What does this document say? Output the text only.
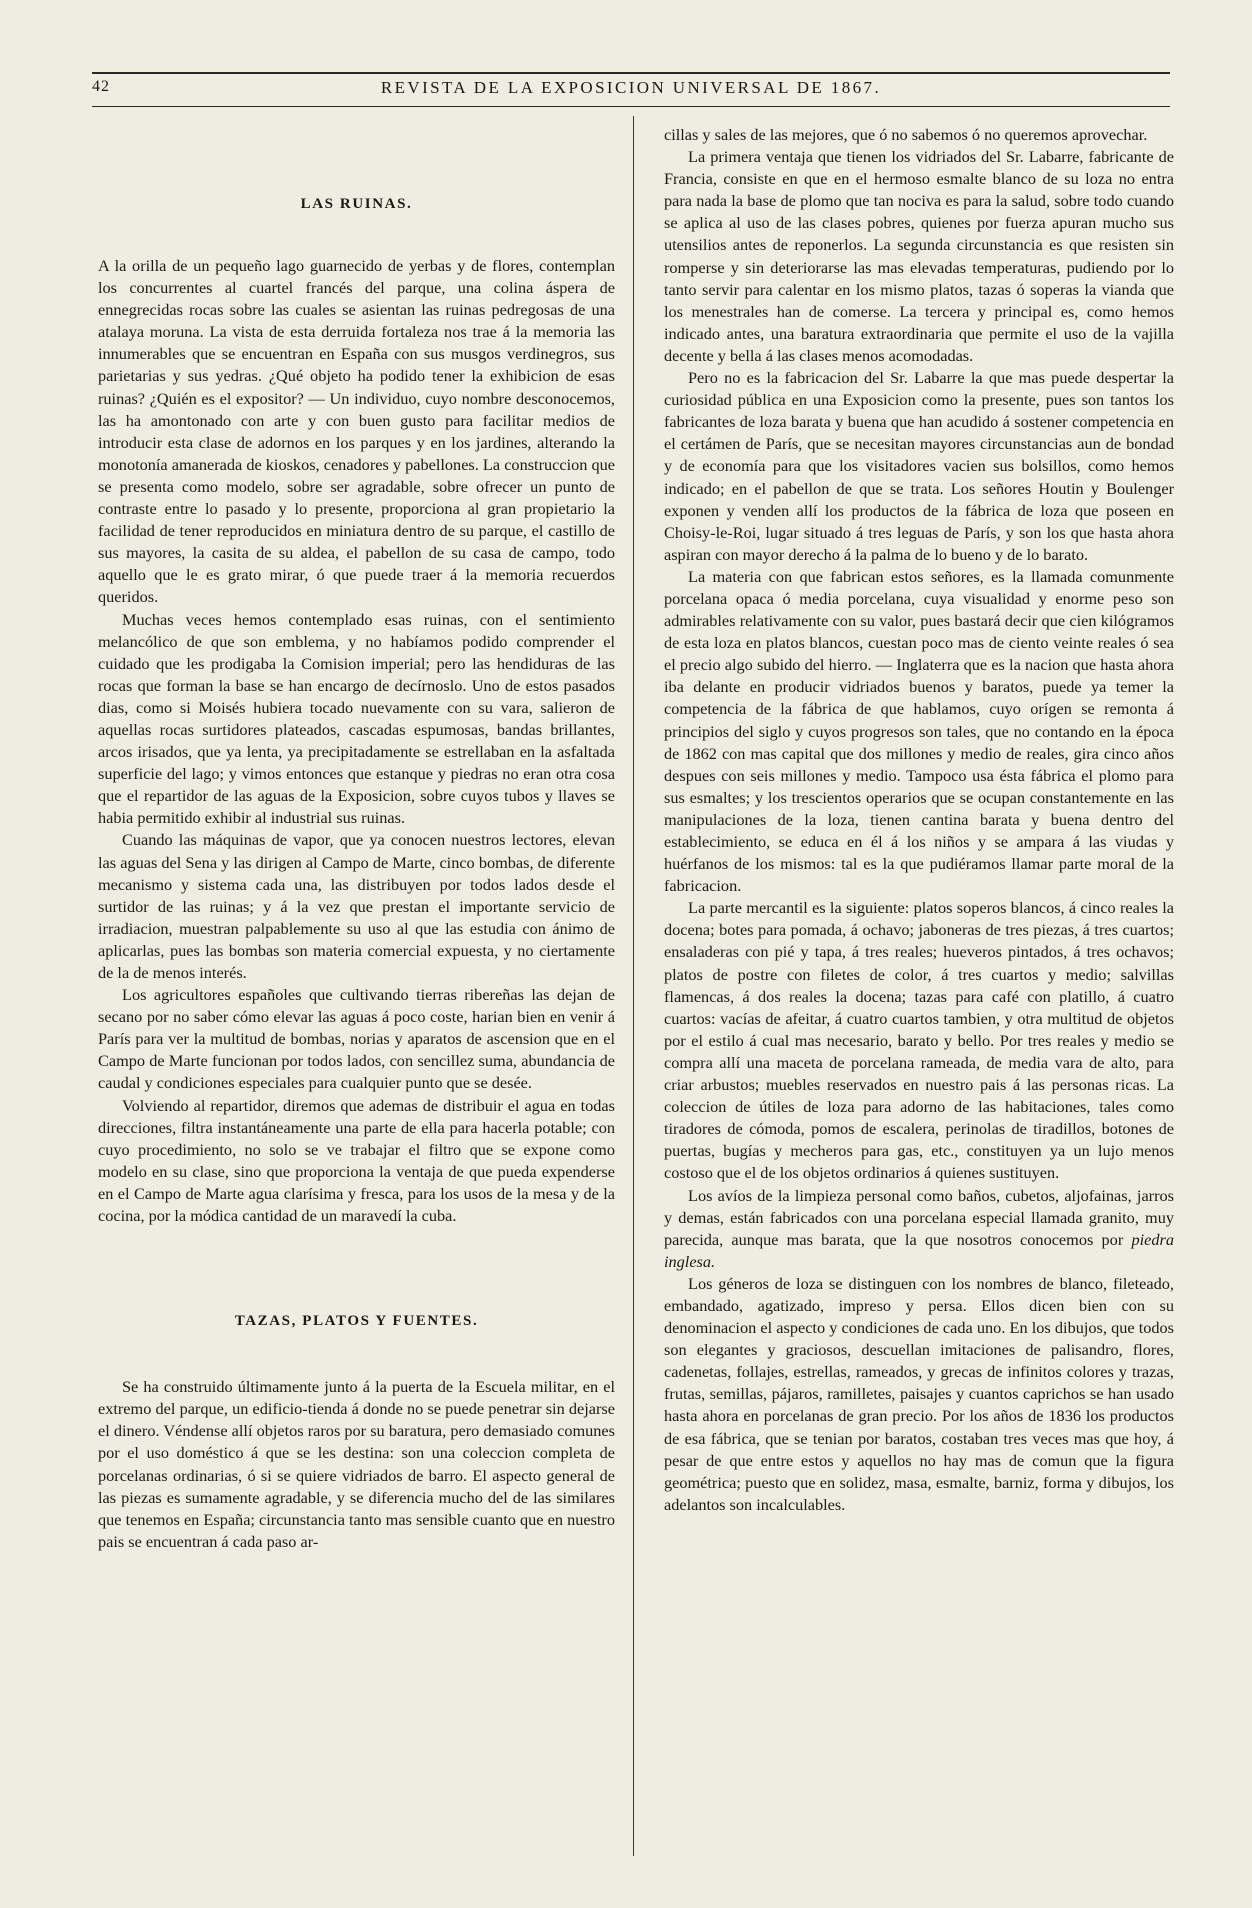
42	REVISTA DE LA EXPOSICION UNIVERSAL DE 1867.
LAS RUINAS.

A la orilla de un pequeño lago guarnecido de yerbas y de flores, contemplan los concurrentes al cuartel francés del parque, una colina áspera de ennegrecidas rocas sobre las cuales se asientan las ruinas pedregosas de una atalaya moruna. La vista de esta derruida fortaleza nos trae á la memoria las innumerables que se encuentran en España con sus musgos verdinegros, sus parietarias y sus yedras. ¿Qué objeto ha podido tener la exhibicion de esas ruinas? ¿Quién es el expositor? — Un individuo, cuyo nombre desconocemos, las ha amontonado con arte y con buen gusto para facilitar medios de introducir esta clase de adornos en los parques y en los jardines, alterando la monotonía amanerada de kioskos, cenadores y pabellones. La construccion que se presenta como modelo, sobre ser agradable, sobre ofrecer un punto de contraste entre lo pasado y lo presente, proporciona al gran propietario la facilidad de tener reproducidos en miniatura dentro de su parque, el castillo de sus mayores, la casita de su aldea, el pabellon de su casa de campo, todo aquello que le es grato mirar, ó que puede traer á la memoria recuerdos queridos.

Muchas veces hemos contemplado esas ruinas, con el sentimiento melancólico de que son emblema, y no habíamos podido comprender el cuidado que les prodigaba la Comision imperial; pero las hendiduras de las rocas que forman la base se han encargo de decírnoslo. Uno de estos pasados dias, como si Moisés hubiera tocado nuevamente con su vara, salieron de aquellas rocas surtidores plateados, cascadas espumosas, bandas brillantes, arcos irisados, que ya lenta, ya precipitadamente se estrellaban en la asfaltada superficie del lago; y vimos entonces que estanque y piedras no eran otra cosa que el repartidor de las aguas de la Exposicion, sobre cuyos tubos y llaves se habia permitido exhibir al industrial sus ruinas.

Cuando las máquinas de vapor, que ya conocen nuestros lectores, elevan las aguas del Sena y las dirigen al Campo de Marte, cinco bombas, de diferente mecanismo y sistema cada una, las distribuyen por todos lados desde el surtidor de las ruinas; y á la vez que prestan el importante servicio de irradiacion, muestran palpablemente su uso al que las estudia con ánimo de aplicarlas, pues las bombas son materia comercial expuesta, y no ciertamente de la de menos interés.

Los agricultores españoles que cultivando tierras ribereñas las dejan de secano por no saber cómo elevar las aguas á poco coste, harian bien en venir á París para ver la multitud de bombas, norias y aparatos de ascension que en el Campo de Marte funcionan por todos lados, con sencillez suma, abundancia de caudal y condiciones especiales para cualquier punto que se desée.

Volviendo al repartidor, diremos que ademas de distribuir el agua en todas direcciones, filtra instantáneamente una parte de ella para hacerla potable; con cuyo procedimiento, no solo se ve trabajar el filtro que se expone como modelo en su clase, sino que proporciona la ventaja de que pueda expenderse en el Campo de Marte agua clarísima y fresca, para los usos de la mesa y de la cocina, por la módica cantidad de un maravedí la cuba.

TAZAS, PLATOS Y FUENTES.

Se ha construido últimamente junto á la puerta de la Escuela militar, en el extremo del parque, un edificio-tienda á donde no se puede penetrar sin dejarse el dinero. Véndense allí objetos raros por su baratura, pero demasiado comunes por el uso doméstico á que se les destina: son una coleccion completa de porcelanas ordinarias, ó si se quiere vidriados de barro. El aspecto general de las piezas es sumamente agradable, y se diferencia mucho del de las similares que tenemos en España; circunstancia tanto mas sensible cuanto que en nuestro pais se encuentran á cada paso ar-

cillas y sales de las mejores, que ó no sabemos ó no queremos aprovechar.

La primera ventaja que tienen los vidriados del Sr. Labarre, fabricante de Francia, consiste en que en el hermoso esmalte blanco de su loza no entra para nada la base de plomo que tan nociva es para la salud, sobre todo cuando se aplica al uso de las clases pobres, quienes por fuerza apuran mucho sus utensilios antes de reponerlos. La segunda circunstancia es que resisten sin romperse y sin deteriorarse las mas elevadas temperaturas, pudiendo por lo tanto servir para calentar en los mismo platos, tazas ó soperas la vianda que los menestrales han de comerse. La tercera y principal es, como hemos indicado antes, una baratura extraordinaria que permite el uso de la vajilla decente y bella á las clases menos acomodadas.

Pero no es la fabricacion del Sr. Labarre la que mas puede despertar la curiosidad pública en una Exposicion como la presente, pues son tantos los fabricantes de loza barata y buena que han acudido á sostener competencia en el certámen de París, que se necesitan mayores circunstancias aun de bondad y de economía para que los visitadores vacien sus bolsillos, como hemos indicado; en el pabellon de que se trata. Los señores Houtin y Boulenger exponen y venden allí los productos de la fábrica de loza que poseen en Choisy-le-Roi, lugar situado á tres leguas de París, y son los que hasta ahora aspiran con mayor derecho á la palma de lo bueno y de lo barato.

La materia con que fabrican estos señores, es la llamada comunmente porcelana opaca ó media porcelana, cuya visualidad y enorme peso son admirables relativamente con su valor, pues bastará decir que cien kilógramos de esta loza en platos blancos, cuestan poco mas de ciento veinte reales ó sea el precio algo subido del hierro. — Inglaterra que es la nacion que hasta ahora iba delante en producir vidriados buenos y baratos, puede ya temer la competencia de la fábrica de que hablamos, cuyo orígen se remonta á principios del siglo y cuyos progresos son tales, que no contando en la época de 1862 con mas capital que dos millones y medio de reales, gira cinco años despues con seis millones y medio. Tampoco usa ésta fábrica el plomo para sus esmaltes; y los trescientos operarios que se ocupan constantemente en las manipulaciones de la loza, tienen cantina barata y buena dentro del establecimiento, se educa en él á los niños y se ampara á las viudas y huérfanos de los mismos: tal es la que pudiéramos llamar parte moral de la fabricacion.

La parte mercantil es la siguiente: platos soperos blancos, á cinco reales la docena; botes para pomada, á ochavo; jaboneras de tres piezas, á tres cuartos; ensaladeras con pié y tapa, á tres reales; hueveros pintados, á tres ochavos; platos de postre con filetes de color, á tres cuartos y medio; salvillas flamencas, á dos reales la docena; tazas para café con platillo, á cuatro cuartos: vacías de afeitar, á cuatro cuartos tambien, y otra multitud de objetos por el estilo á cual mas necesario, barato y bello. Por tres reales y medio se compra allí una maceta de porcelana rameada, de media vara de alto, para criar arbustos; muebles reservados en nuestro pais á las personas ricas. La coleccion de útiles de loza para adorno de las habitaciones, tales como tiradores de cómoda, pomos de escalera, perinolas de tiradillos, botones de puertas, bugías y mecheros para gas, etc., constituyen ya un lujo menos costoso que el de los objetos ordinarios á quienes sustituyen.

Los avíos de la limpieza personal como baños, cubetos, aljofainas, jarros y demas, están fabricados con una porcelana especial llamada granito, muy parecida, aunque mas barata, que la que nosotros conocemos por piedra inglesa.

Los géneros de loza se distinguen con los nombres de blanco, fileteado, embandado, agatizado, impreso y persa. Ellos dicen bien con su denominacion el aspecto y condiciones de cada uno. En los dibujos, que todos son elegantes y graciosos, descuellan imitaciones de palisandro, flores, cadenetas, follajes, estrellas, rameados, y grecas de infinitos colores y trazas, frutas, semillas, pájaros, ramilletes, paisajes y cuantos caprichos se han usado hasta ahora en porcelanas de gran precio. Por los años de 1836 los productos de esa fábrica, que se tenian por baratos, costaban tres veces mas que hoy, á pesar de que entre estos y aquellos no hay mas de comun que la figura geométrica; puesto que en solidez, masa, esmalte, barniz, forma y dibujos, los adelantos son incalculables.
